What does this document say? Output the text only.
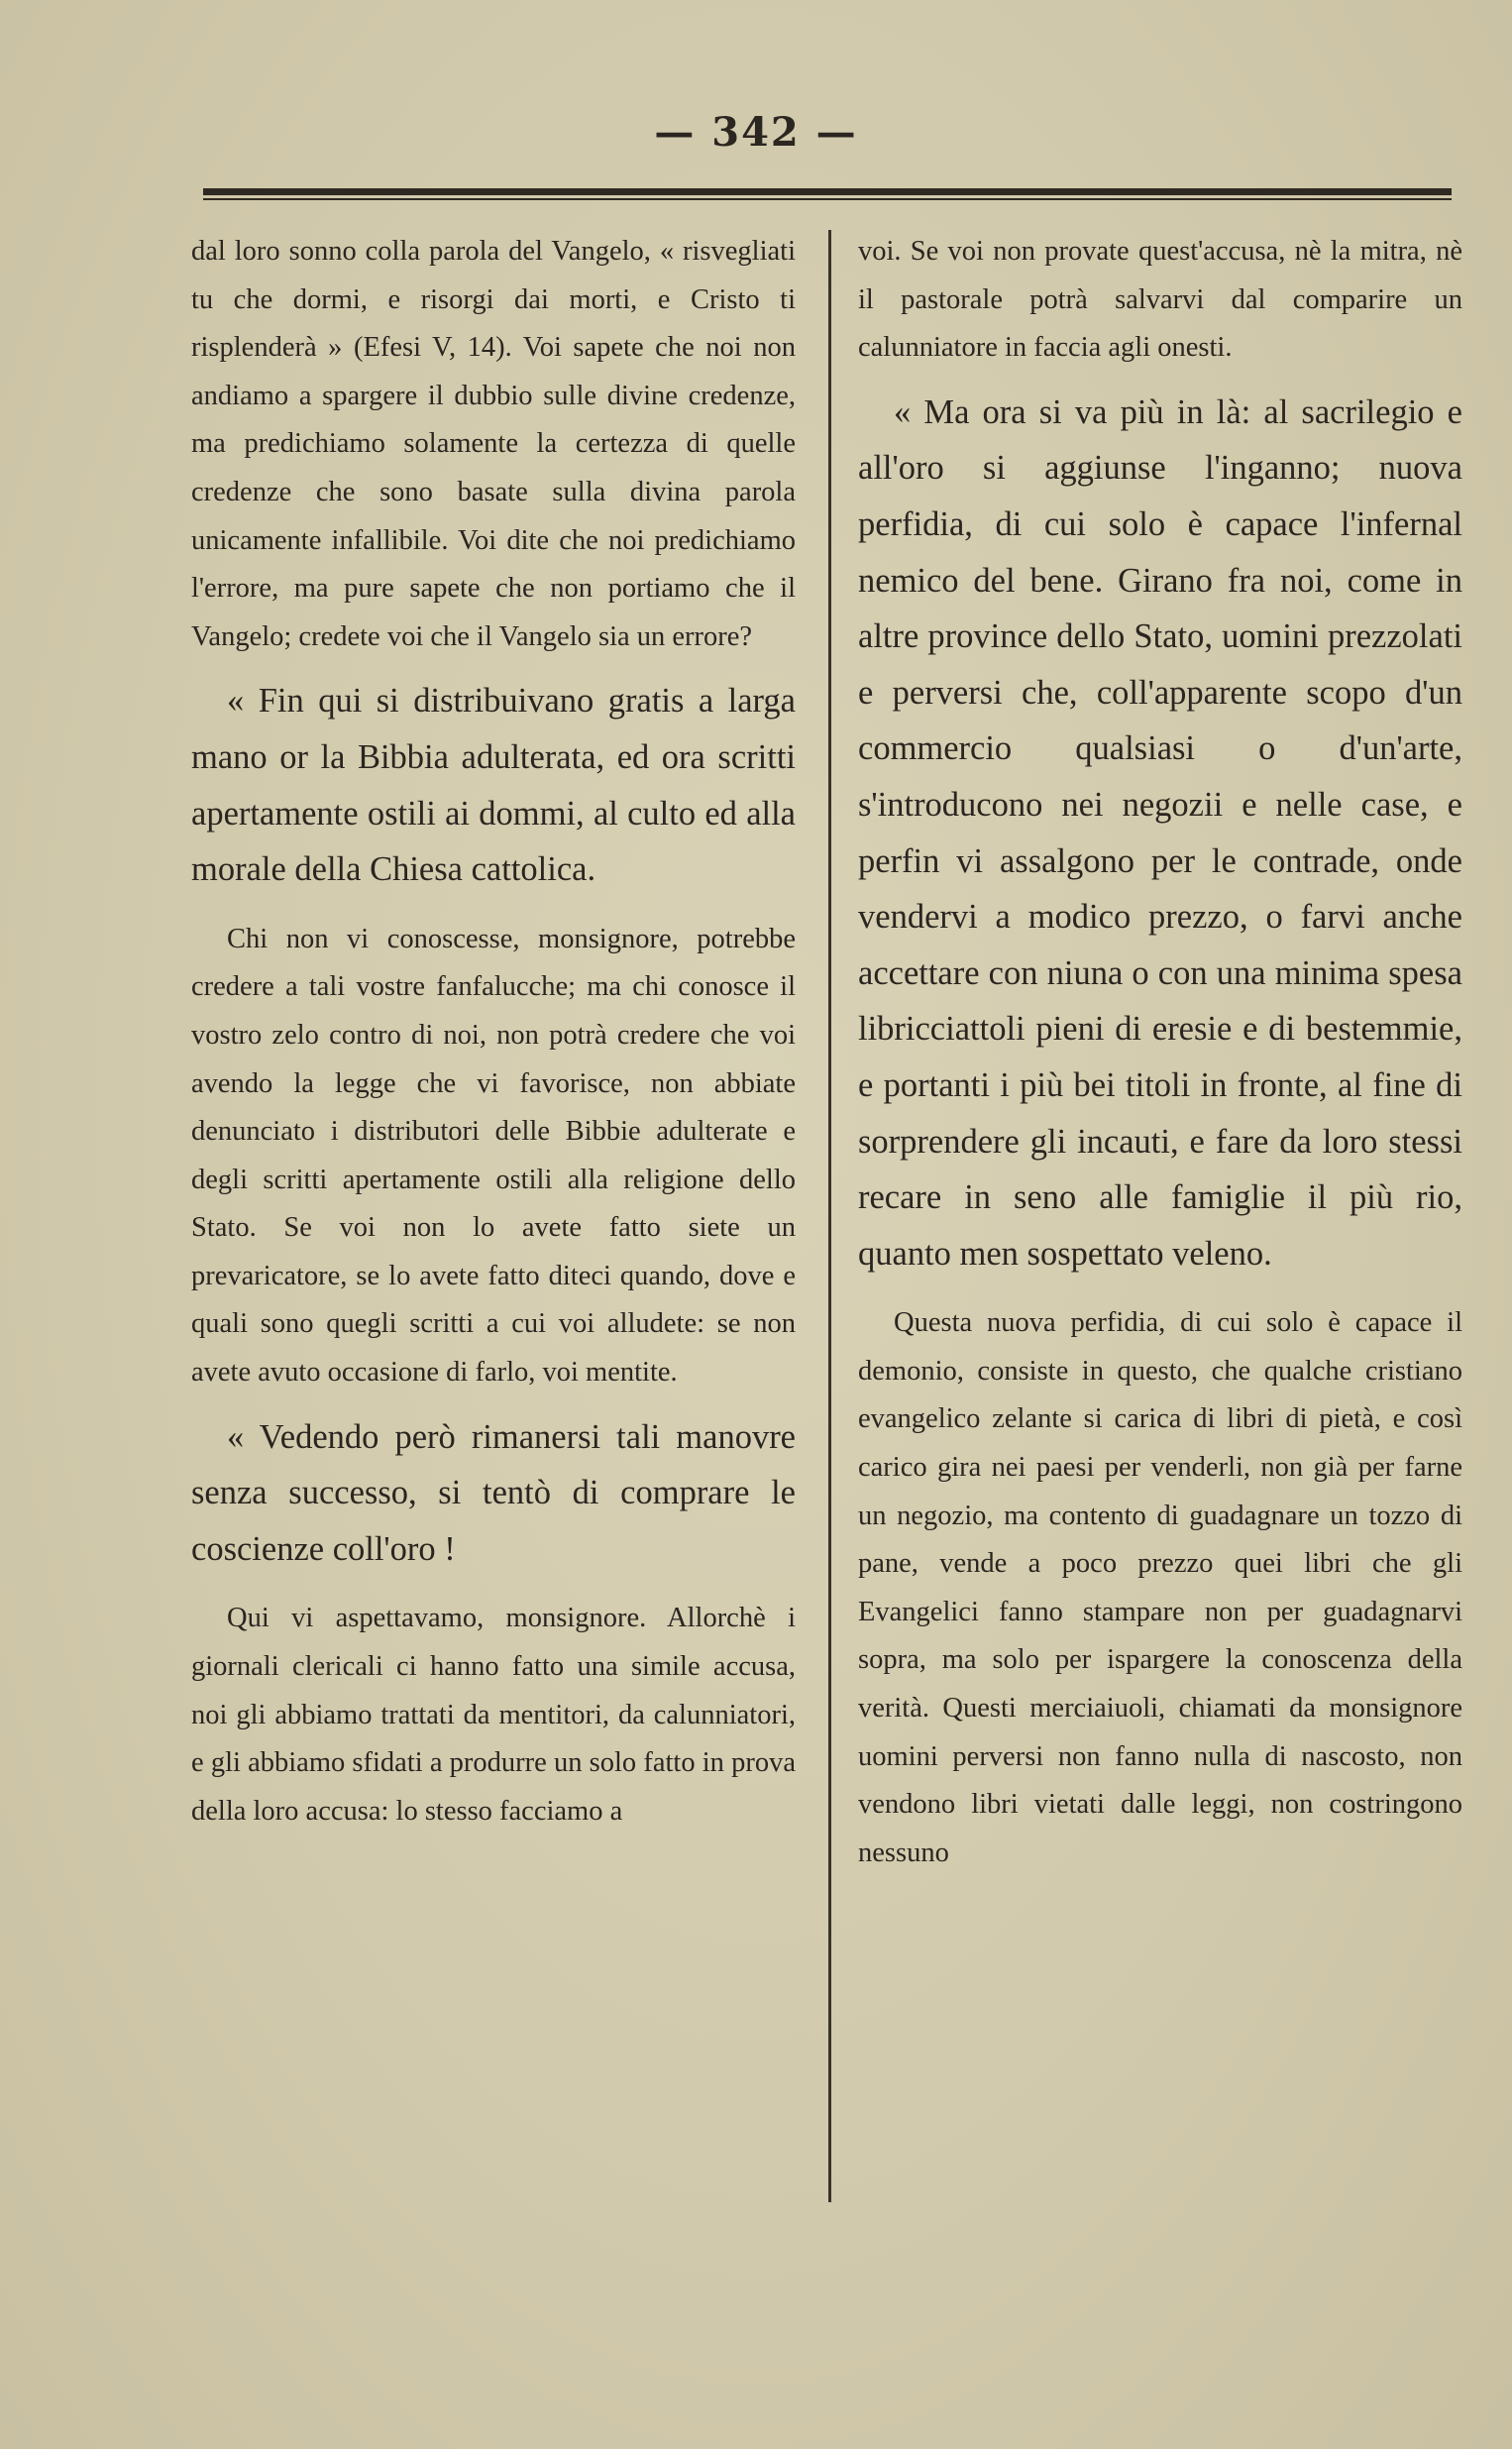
— 342 —

dal loro sonno colla parola del Vangelo, « risvegliati tu che dormi, e risorgi dai morti, e Cristo ti risplenderà » (Efesi V, 14). Voi sapete che noi non andiamo a spargere il dubbio sulle divine credenze, ma predichiamo solamente la certezza di quelle credenze che sono basate sulla divina parola unicamente infallibile. Voi dite che noi predichiamo l'errore, ma pure sapete che non portiamo che il Vangelo; credete voi che il Vangelo sia un errore?

« Fin qui si distribuivano gratis a larga mano or la Bibbia adulterata, ed ora scritti apertamente ostili ai dommi, al culto ed alla morale della Chiesa cattolica.

Chi non vi conoscesse, monsignore, potrebbe credere a tali vostre fanfalucche; ma chi conosce il vostro zelo contro di noi, non potrà credere che voi avendo la legge che vi favorisce, non abbiate denunciato i distributori delle Bibbie adulterate e degli scritti apertamente ostili alla religione dello Stato. Se voi non lo avete fatto siete un prevaricatore, se lo avete fatto diteci quando, dove e quali sono quegli scritti a cui voi alludete: se non avete avuto occasione di farlo, voi mentite.

« Vedendo però rimanersi tali manovre senza successo, si tentò di comprare le coscienze coll'oro !

Qui vi aspettavamo, monsignore. Allorchè i giornali clericali ci hanno fatto una simile accusa, noi gli abbiamo trattati da mentitori, da calunniatori, e gli abbiamo sfidati a produrre un solo fatto in prova della loro accusa: lo stesso facciamo a

voi. Se voi non provate quest'accusa, nè la mitra, nè il pastorale potrà salvarvi dal comparire un calunniatore in faccia agli onesti.

« Ma ora si va più in là: al sacrilegio e all'oro si aggiunse l'inganno; nuova perfidia, di cui solo è capace l'infernal nemico del bene. Girano fra noi, come in altre province dello Stato, uomini prezzolati e perversi che, coll'apparente scopo d'un commercio qualsiasi o d'un'arte, s'introducono nei negozii e nelle case, e perfin vi assalgono per le contrade, onde vendervi a modico prezzo, o farvi anche accettare con niuna o con una minima spesa libricciattoli pieni di eresie e di bestemmie, e portanti i più bei titoli in fronte, al fine di sorprendere gli incauti, e fare da loro stessi recare in seno alle famiglie il più rio, quanto men sospettato veleno.

Questa nuova perfidia, di cui solo è capace il demonio, consiste in questo, che qualche cristiano evangelico zelante si carica di libri di pietà, e così carico gira nei paesi per venderli, non già per farne un negozio, ma contento di guadagnare un tozzo di pane, vende a poco prezzo quei libri che gli Evangelici fanno stampare non per guadagnarvi sopra, ma solo per ispargere la conoscenza della verità. Questi merciaiuoli, chiamati da monsignore uomini perversi non fanno nulla di nascosto, non vendono libri vietati dalle leggi, non costringono nessuno
